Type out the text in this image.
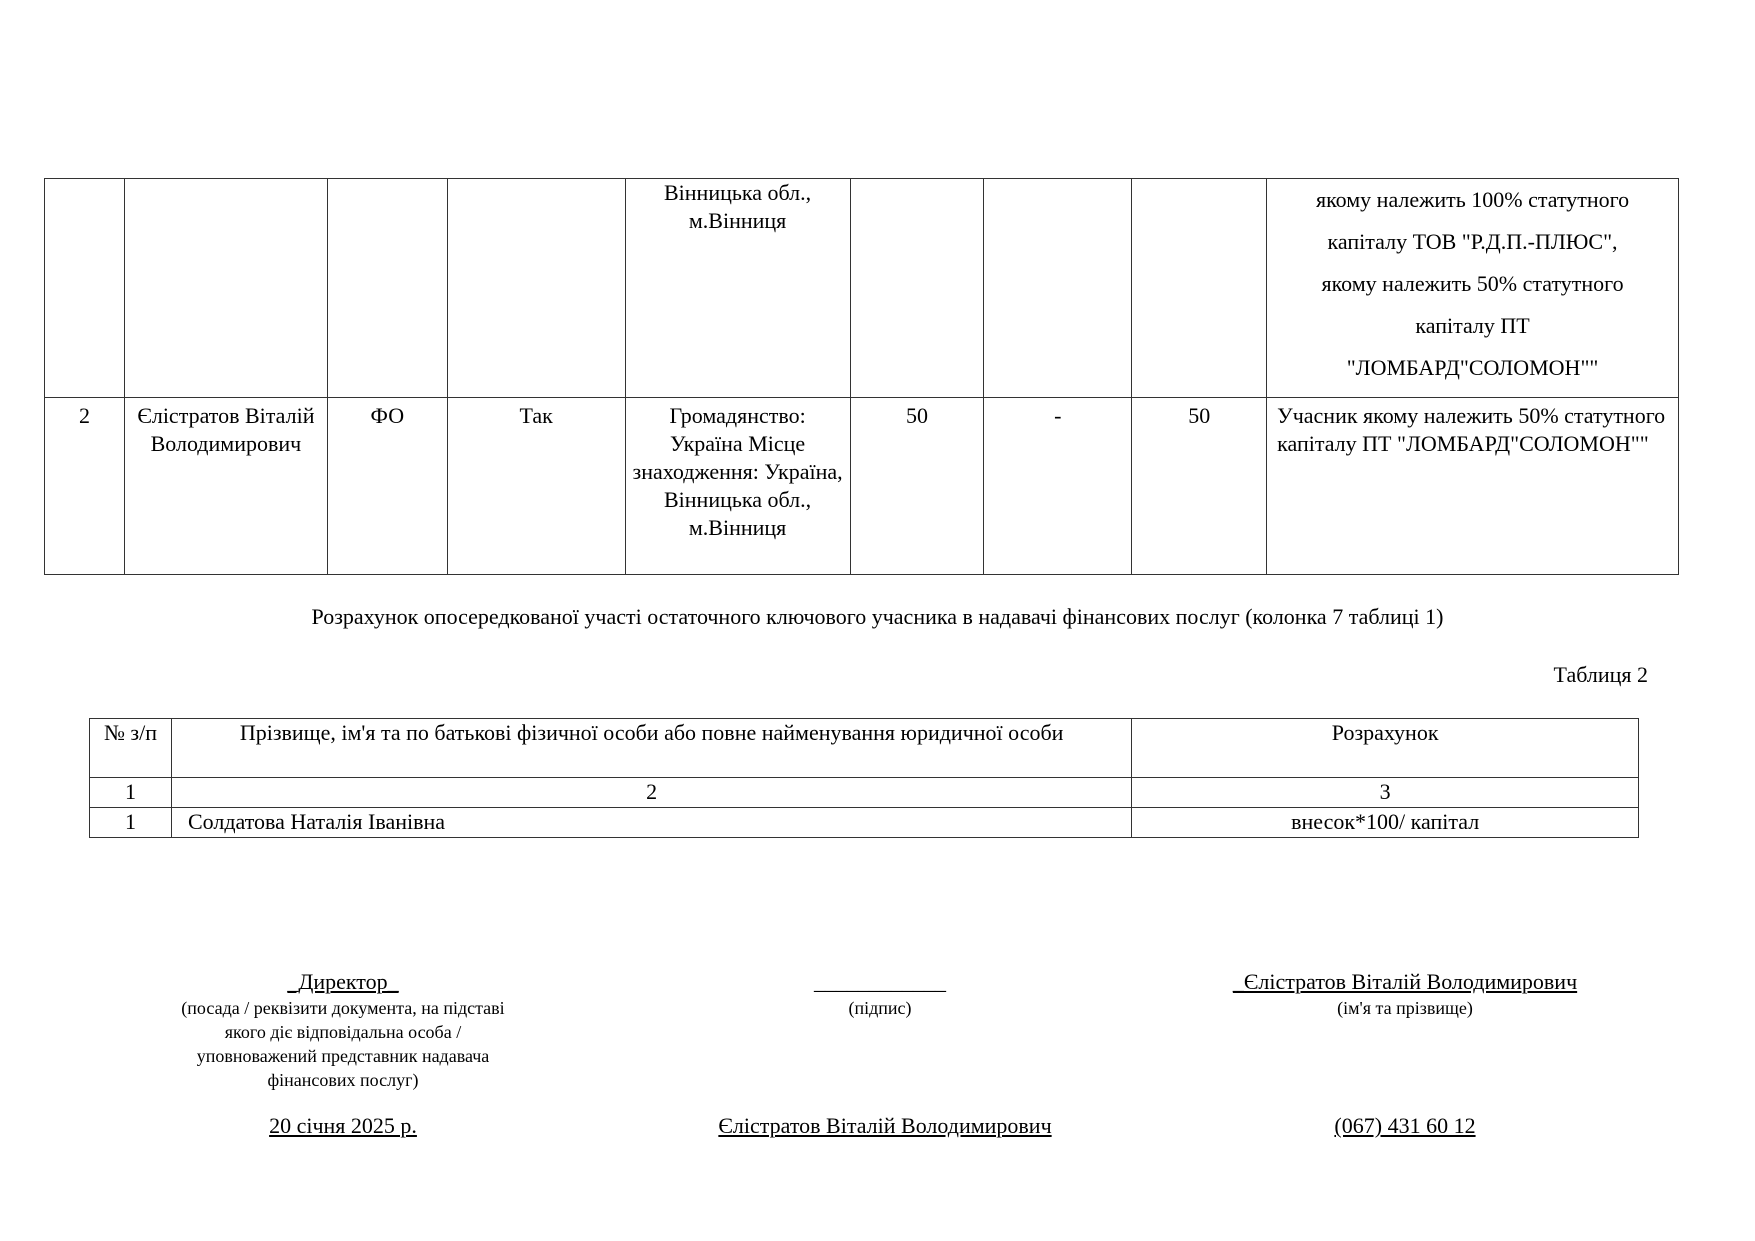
				Вінницька обл., м.Вінниця				якому належить 100% статутного
капіталу ТОВ "Р.Д.П.-ПЛЮС",
якому належить 50% статутного
капіталу ПТ
"ЛОМБАРД"СОЛОМОН""

2	Єлістратов Віталій Володимирович	ФО	Так	Громадянство: Україна Місце знаходження: Україна, Вінницька обл., м.Вінниця	50	-	50	Учасник якому належить 50% статутного капіталу ПТ "ЛОМБАРД"СОЛОМОН""
Розрахунок опосередкованої участі остаточного ключового учасника в надавачі фінансових послуг (колонка 7 таблиці 1)
Таблиця 2
№ з/п	Прізвище, ім'я та по батькові фізичної особи або повне найменування юридичної особи	Розрахунок
1	2	3
1	Солдатова Наталія Іванівна	внесок*100/ капітал
_Директор_
(посада / реквізити документа, на підставі якого діє відповідальна особа / уповноважений представник надавача фінансових послуг)
____________
(підпис)
_Єлістратов Віталій Володимирович
(ім'я та прізвище)
20 січня 2025 р.	Єлістратов Віталій Володимирович	(067) 431 60 12
